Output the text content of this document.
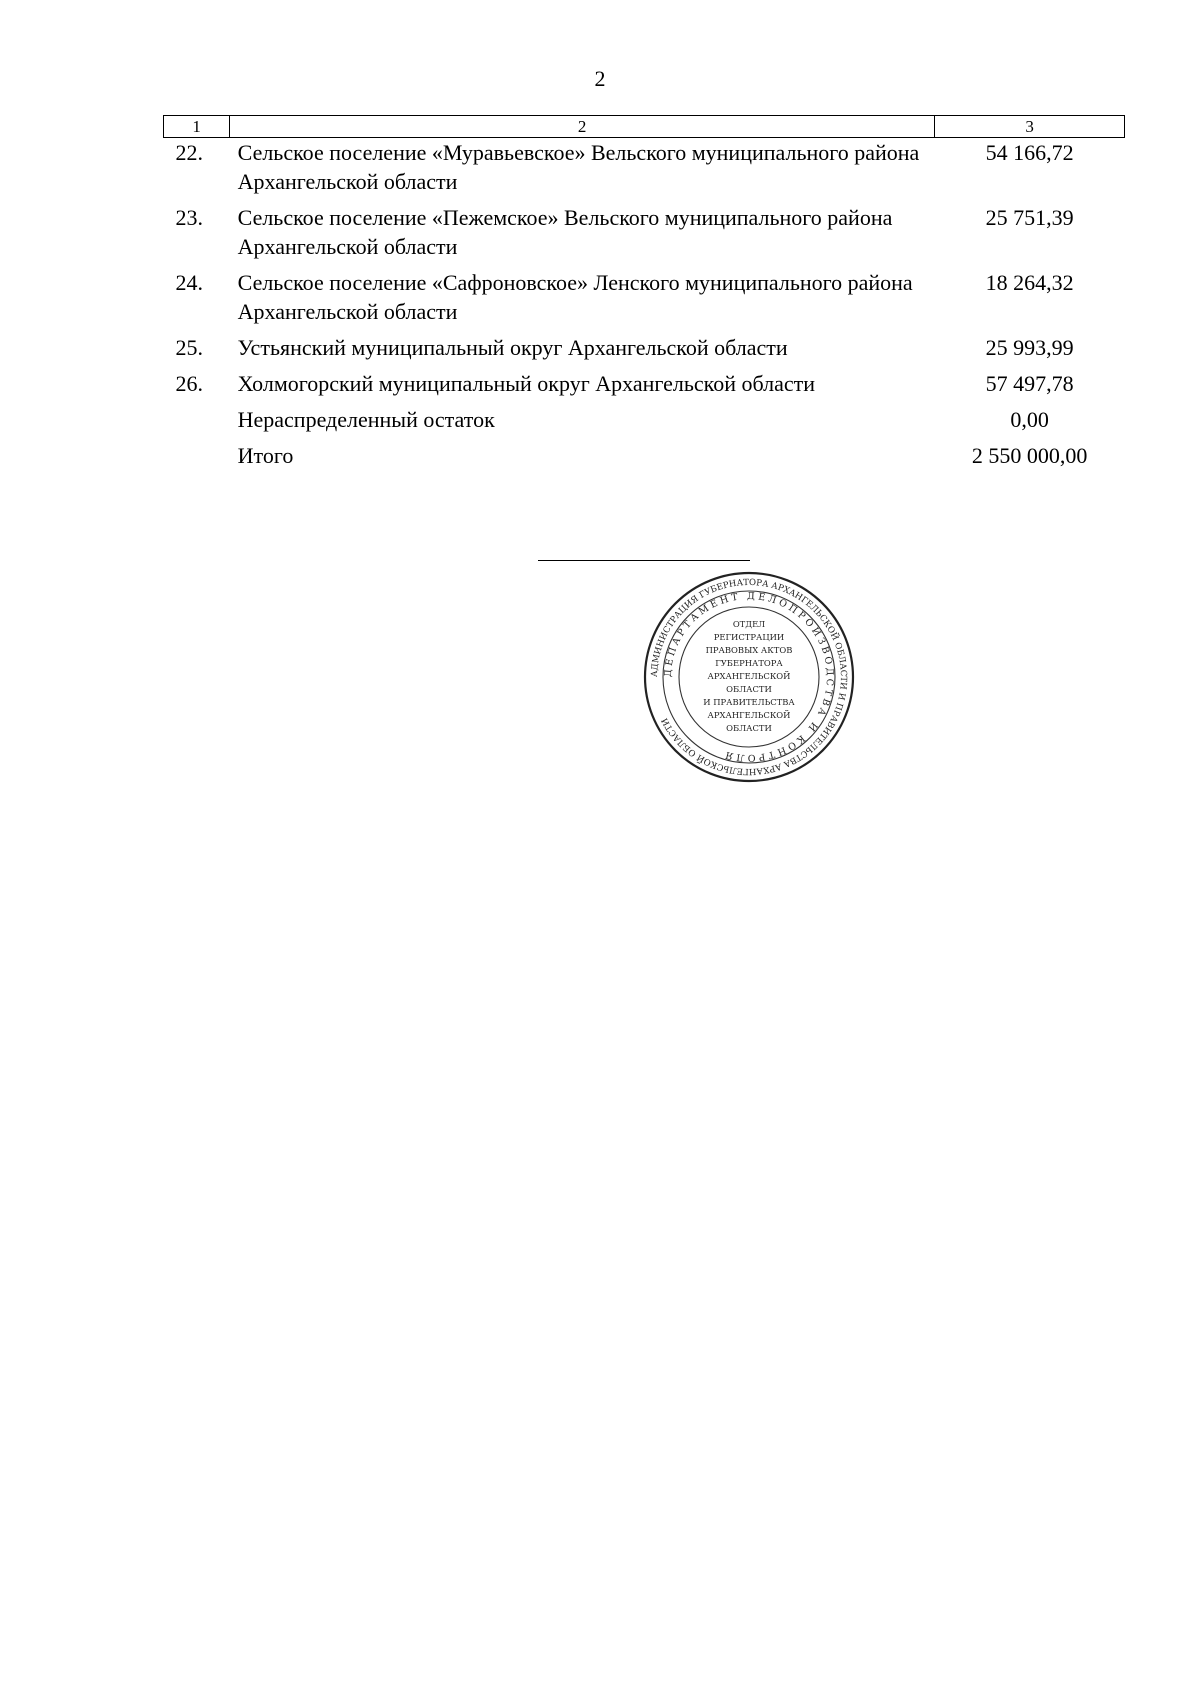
2
1	2	3
22.	Сельское поселение «Муравьевское» Вельского муниципального района Архангельской области	54 166,72
23.	Сельское поселение «Пежемское» Вельского муниципального района Архангельской области	25 751,39
24.	Сельское поселение «Сафроновское» Ленского муниципального района Архангельской области	18 264,32
25.	Устьянский муниципальный округ Архангельской области	25 993,99
26.	Холмогорский муниципальный округ Архангельской области	57 497,78
	Нераспределенный остаток	0,00
	Итого	2 550 000,00
АДМИНИСТРАЦИЯ ГУБЕРНАТОРА АРХАНГЕЛЬСКОЙ ОБЛАСТИ И ПРАВИТЕЛЬСТВА АРХАНГЕЛЬСКОЙ ОБЛАСТИ
ДЕПАРТАМЕНТ ДЕЛОПРОИЗВОДСТВА И КОНТРОЛЯ
ОТДЕЛ
РЕГИСТРАЦИИ
ПРАВОВЫХ АКТОВ
ГУБЕРНАТОРА
АРХАНГЕЛЬСКОЙ
ОБЛАСТИ
И ПРАВИТЕЛЬСТВА
АРХАНГЕЛЬСКОЙ
ОБЛАСТИ
